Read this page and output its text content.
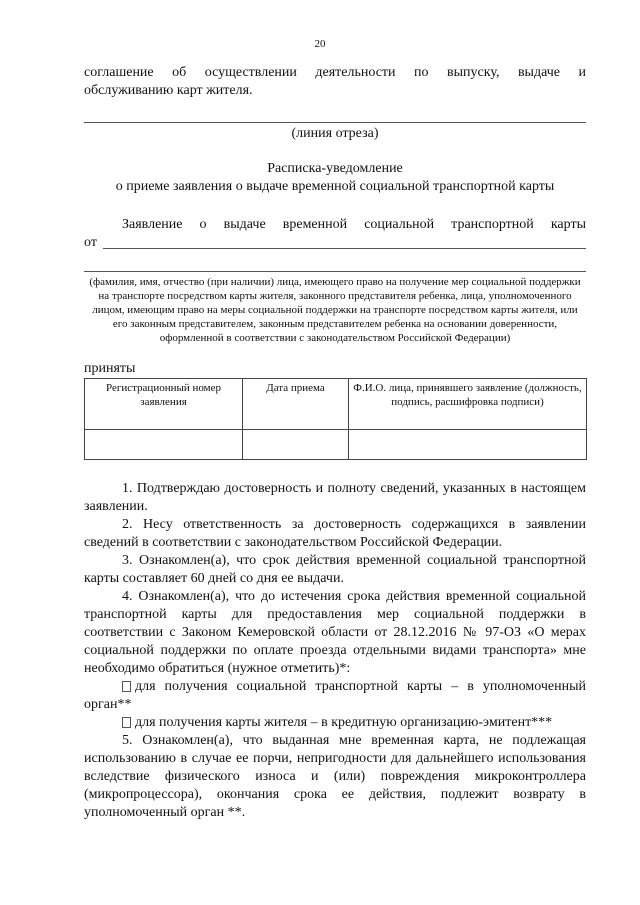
20

соглашение об осуществлении деятельности по выпуску, выдаче и

обслуживанию карт жителя.

(линия отреза)

Расписка-уведомление

о приеме заявления о выдаче временной социальной транспортной карты

Заявление о выдаче временной социальной транспортной карты

от

(фамилия, имя, отчество (при наличии) лица, имеющего право на получение мер социальной поддержки на транспорте посредством карты жителя, законного представителя ребенка, лица, уполномоченного лицом, имеющим право на меры социальной поддержки на транспорте посредством карты жителя, или его законным представителем, законным представителем ребенка на основании доверенности, оформленной в соответствии с законодательством Российской Федерации)

приняты

Регистрационный номер заявления	Дата приема	Ф.И.О. лица, принявшего заявление (должность, подпись, расшифровка подписи)

1. Подтверждаю достоверность и полноту сведений, указанных в настоящем заявлении.

2. Несу ответственность за достоверность содержащихся в заявлении сведений в соответствии с законодательством Российской Федерации.

3. Ознакомлен(а), что срок действия временной социальной транспортной карты составляет 60 дней со дня ее выдачи.

4. Ознакомлен(а), что до истечения срока действия временной социальной транспортной карты для предоставления мер социальной поддержки в соответствии с Законом Кемеровской области от 28.12.2016 № 97-ОЗ «О мерах социальной поддержки по оплате проезда отдельными видами транспорта» мне необходимо обратиться (нужное отметить)*:

для получения социальной транспортной карты – в уполномоченный орган**

для получения карты жителя – в кредитную организацию-эмитент***

5. Ознакомлен(а), что выданная мне временная карта, не подлежащая использованию в случае ее порчи, непригодности для дальнейшего использования вследствие физического износа и (или) повреждения микроконтроллера (микропроцессора), окончания срока ее действия, подлежит возврату в уполномоченный орган **.
